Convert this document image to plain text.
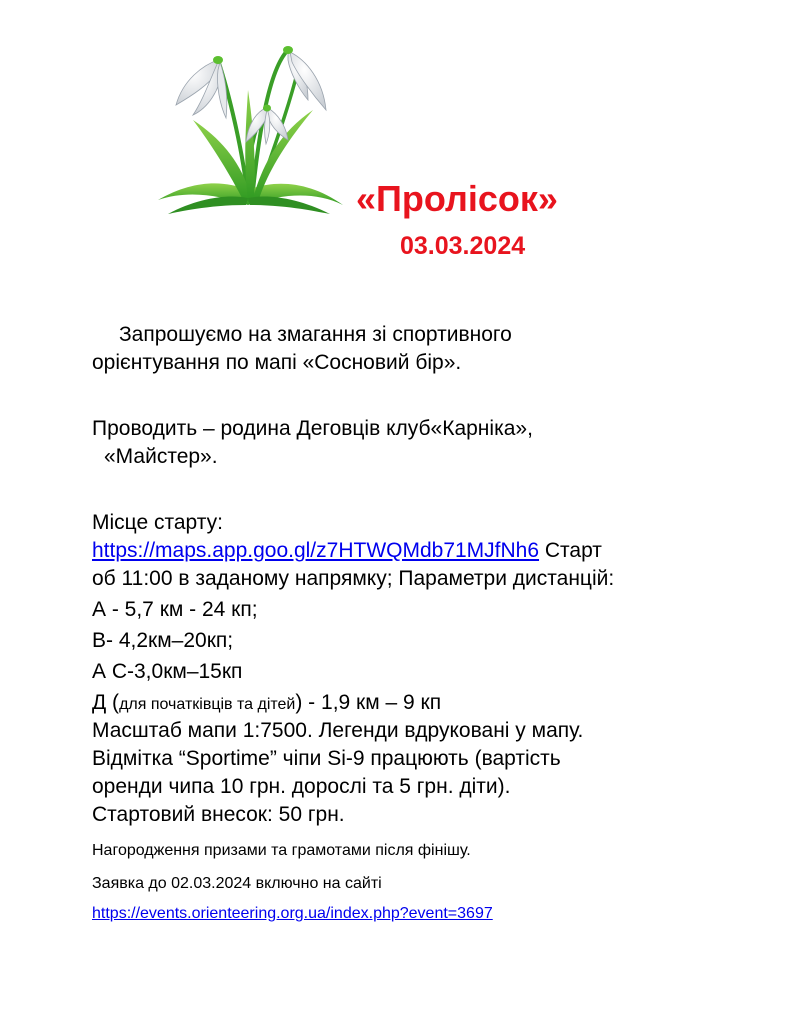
«Пролісок»
03.03.2024
Запрошуємо на змагання зі спортивного
орієнтування по мапі «Сосновий бір».
Проводить – родина Деговців клуб«Карніка»,
«Майстер».
Місце старту:
https://maps.app.goo.gl/z7HTWQMdb71MJfNh6 Старт
об 11:00 в заданому напрямку; Параметри дистанцій:
А - 5,7 км - 24 кп;
В- 4,2км–20кп;
А С-3,0км–15кп
Д (для початківців та дітей) - 1,9 км – 9 кп
Масштаб мапи 1:7500. Легенди вдруковані у мапу.
Відмітка “Sportime” чіпи Si-9 працюють (вартість
оренди чипа 10 грн. дорослі та 5 грн. діти).
Стартовий внесок: 50 грн.
Нагородження призами та грамотами після фінішу.
Заявка до 02.03.2024 включно на сайті
https://events.orienteering.org.ua/index.php?event=3697
